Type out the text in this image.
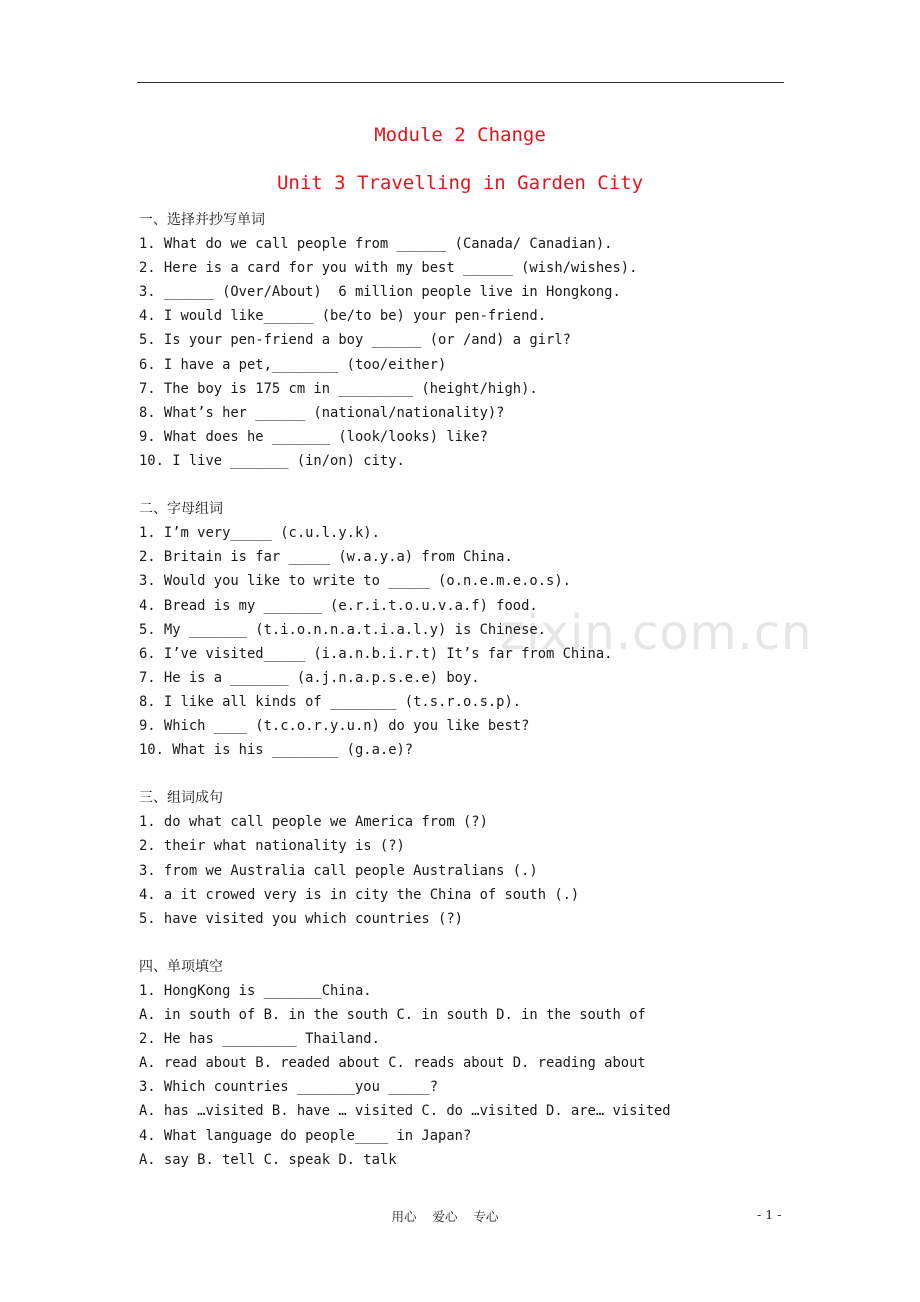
Module 2 Change
Unit 3 Travelling in Garden City
zixin.com.cn
一、选择并抄写单词
1. What do we call people from ______ (Canada/ Canadian).
2. Here is a card for you with my best ______ (wish/wishes).
3. ______ (Over/About)  6 million people live in Hongkong.
4. I would like______ (be/to be) your pen-friend.
5. Is your pen-friend a boy ______ (or /and) a girl?
6. I have a pet,________ (too/either)
7. The boy is 175 cm in _________ (height/high).
8. What’s her ______ (national/nationality)?
9. What does he _______ (look/looks) like?
10. I live _______ (in/on) city.
二、字母组词
1. I’m very_____ (c.u.l.y.k).
2. Britain is far _____ (w.a.y.a) from China.
3. Would you like to write to _____ (o.n.e.m.e.o.s).
4. Bread is my _______ (e.r.i.t.o.u.v.a.f) food.
5. My _______ (t.i.o.n.n.a.t.i.a.l.y) is Chinese.
6. I’ve visited_____ (i.a.n.b.i.r.t) It’s far from China.
7. He is a _______ (a.j.n.a.p.s.e.e) boy.
8. I like all kinds of ________ (t.s.r.o.s.p).
9. Which ____ (t.c.o.r.y.u.n) do you like best?
10. What is his ________ (g.a.e)?
三、组词成句
1. do what call people we America from (?)
2. their what nationality is (?)
3. from we Australia call people Australians (.)
4. a it crowed very is in city the China of south (.)
5. have visited you which countries (?)
四、单项填空
1. HongKong is _______China.
A. in south of B. in the south C. in south D. in the south of
2. He has _________ Thailand.
A. read about B. readed about C. reads about D. reading about
3. Which countries _______you _____?
A. has …visited B. have … visited C. do …visited D. are… visited
4. What language do people____ in Japan?
A. say B. tell C. speak D. talk
用心 爱心 专心	- 1 -
